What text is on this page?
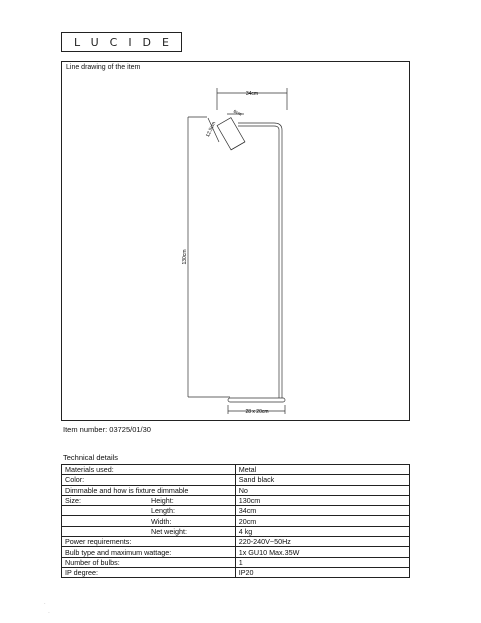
LUCIDE
Line drawing of the item
34cm
130cm
12.5cm
6cm
28 x 20cm
Item number: 03725/01/30
Technical details
Materials used:	Metal
Color:	Sand black
Dimmable and how is fixture dimmable	No

Size: Height:	130cm

Length:	34cm

Width:	20cm

Net weight:	4 kg
Power requirements:	220-240V~50Hz
Bulb type and maximum wattage:	1x GU10 Max.35W
Number of bulbs:	1
IP degree:	IP20
·
·
